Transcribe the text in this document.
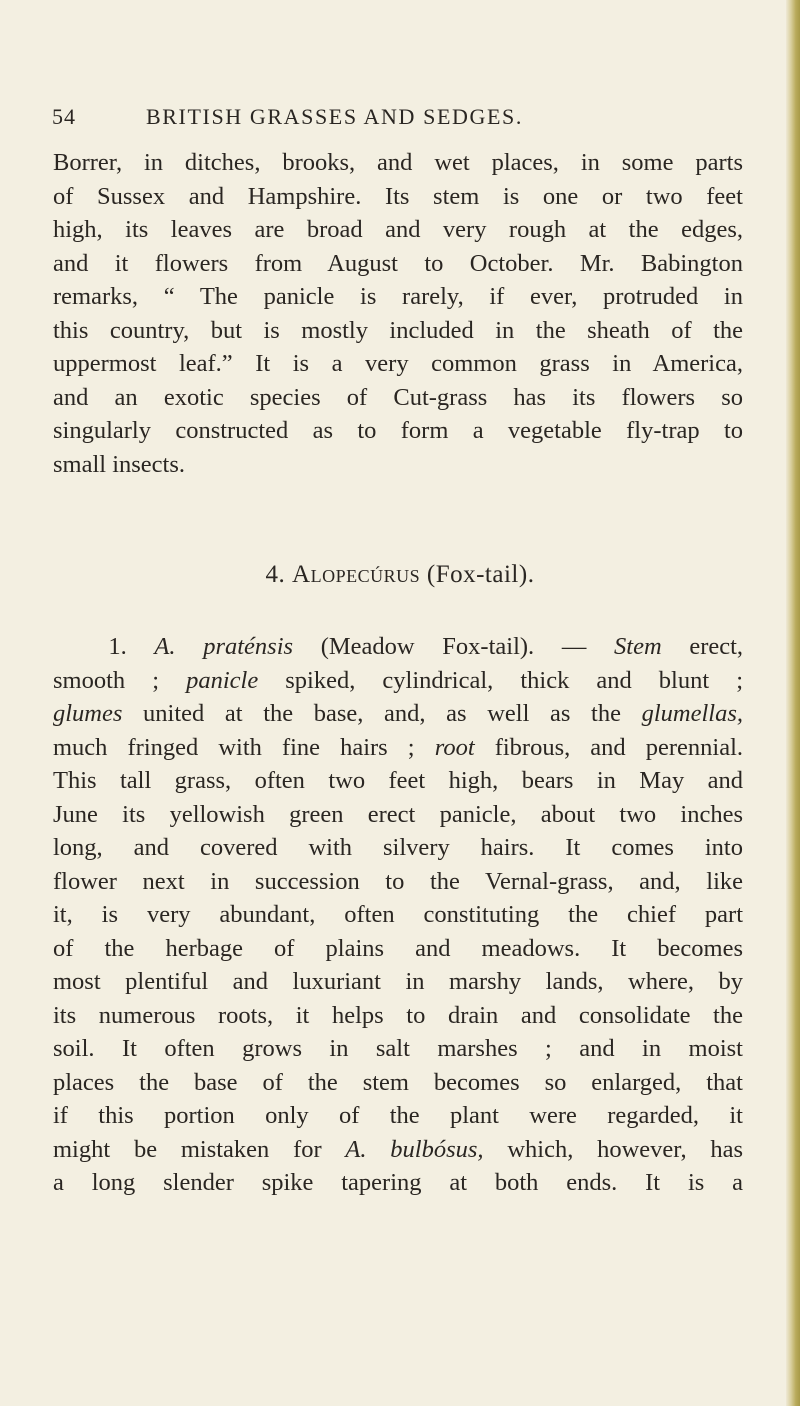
54	BRITISH GRASSES AND SEDGES.
Borrer, in ditches, brooks, and wet places, in some parts
of Sussex and Hampshire. Its stem is one or two feet
high, its leaves are broad and very rough at the edges,
and it flowers from August to October. Mr. Babington
remarks, “ The panicle is rarely, if ever, protruded in
this country, but is mostly included in the sheath of the
uppermost leaf.” It is a very common grass in America,
and an exotic species of Cut-grass has its flowers so
singularly constructed as to form a vegetable fly-trap to
small insects.
4. Alopecúrus (Fox-tail).
1. A. praténsis (Meadow Fox-tail). — Stem erect,
smooth ; panicle spiked, cylindrical, thick and blunt ;
glumes united at the base, and, as well as the glumellas,
much fringed with fine hairs ; root fibrous, and perennial.
This tall grass, often two feet high, bears in May and
June its yellowish green erect panicle, about two inches
long, and covered with silvery hairs. It comes into
flower next in succession to the Vernal-grass, and, like
it, is very abundant, often constituting the chief part
of the herbage of plains and meadows. It becomes
most plentiful and luxuriant in marshy lands, where, by
its numerous roots, it helps to drain and consolidate the
soil. It often grows in salt marshes ; and in moist
places the base of the stem becomes so enlarged, that
if this portion only of the plant were regarded, it
might be mistaken for A. bulbósus, which, however, has
a long slender spike tapering at both ends. It is a
